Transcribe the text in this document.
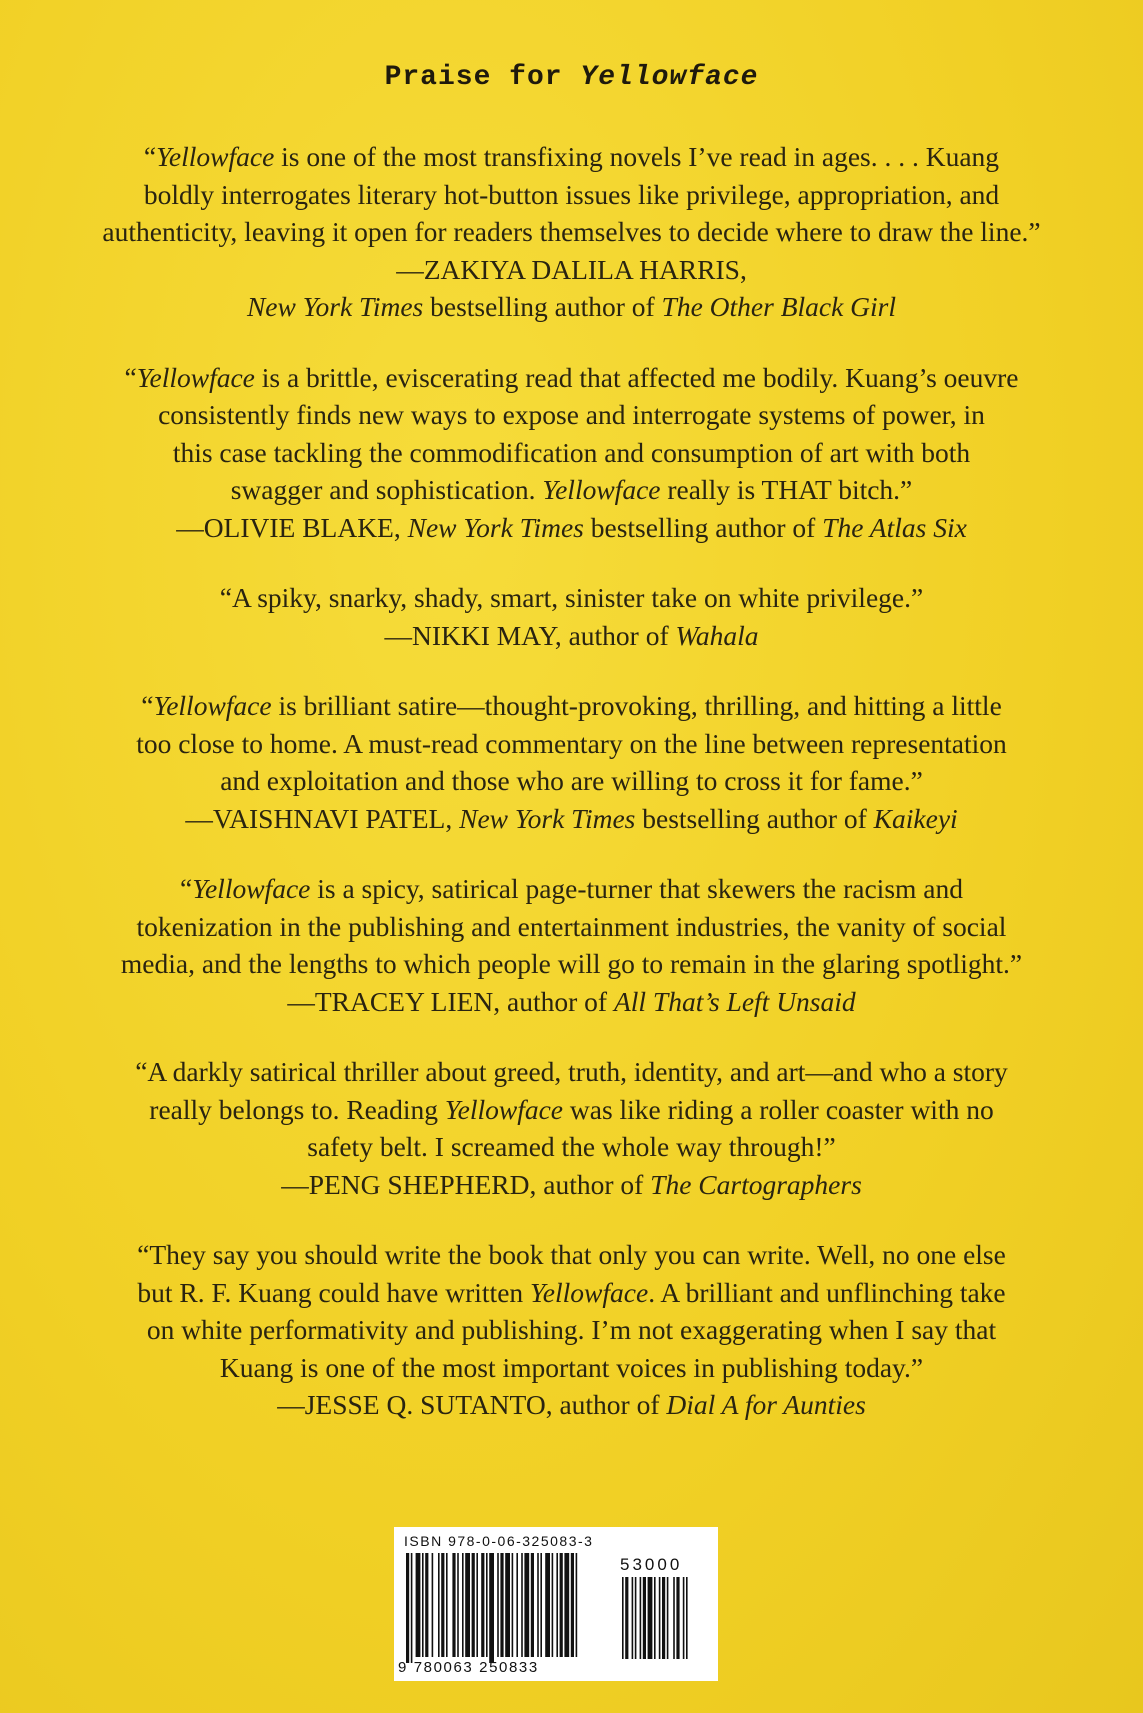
Praise for Yellowface

“Yellowface is one of the most transfixing novels I’ve read in ages. . . . Kuang

boldly interrogates literary hot-button issues like privilege, appropriation, and

authenticity, leaving it open for readers themselves to decide where to draw the line.”

—ZAKIYA DALILA HARRIS,

New York Times bestselling author of The Other Black Girl

“Yellowface is a brittle, eviscerating read that affected me bodily. Kuang’s oeuvre

consistently finds new ways to expose and interrogate systems of power, in

this case tackling the commodification and consumption of art with both

swagger and sophistication. Yellowface really is THAT bitch.”

—OLIVIE BLAKE, New York Times bestselling author of The Atlas Six

“A spiky, snarky, shady, smart, sinister take on white privilege.”

—NIKKI MAY, author of Wahala

“Yellowface is brilliant satire—thought-provoking, thrilling, and hitting a little

too close to home. A must-read commentary on the line between representation

and exploitation and those who are willing to cross it for fame.”

—VAISHNAVI PATEL, New York Times bestselling author of Kaikeyi

“Yellowface is a spicy, satirical page-turner that skewers the racism and

tokenization in the publishing and entertainment industries, the vanity of social

media, and the lengths to which people will go to remain in the glaring spotlight.”

—TRACEY LIEN, author of All That’s Left Unsaid

“A darkly satirical thriller about greed, truth, identity, and art—and who a story

really belongs to. Reading Yellowface was like riding a roller coaster with no

safety belt. I screamed the whole way through!”

—PENG SHEPHERD, author of The Cartographers

“They say you should write the book that only you can write. Well, no one else

but R. F. Kuang could have written Yellowface. A brilliant and unflinching take

on white performativity and publishing. I’m not exaggerating when I say that

Kuang is one of the most important voices in publishing today.”

—JESSE Q. SUTANTO, author of Dial A for Aunties

ISBN 978-0-06-325083-3
53000
9 780063 250833
